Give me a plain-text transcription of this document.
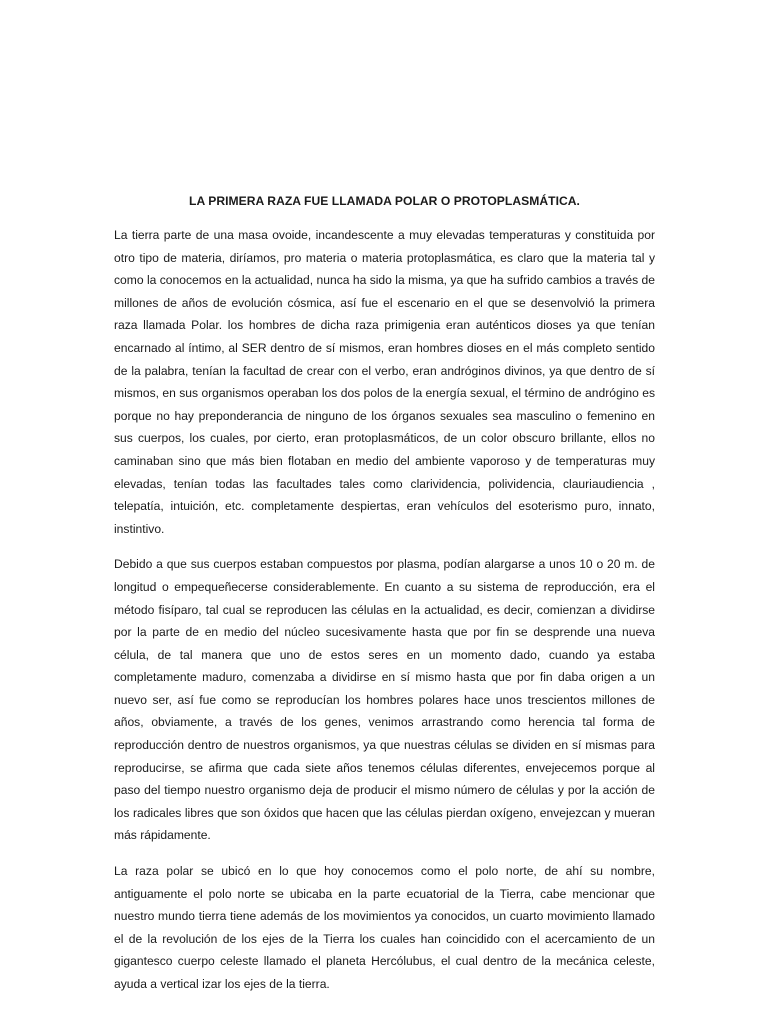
LA PRIMERA RAZA FUE LLAMADA POLAR O PROTOPLASMÁTICA.

La tierra parte de una masa ovoide, incandescente a muy elevadas temperaturas y constituida por otro tipo de materia, diríamos, pro materia o materia protoplasmática, es claro que la materia tal y como la conocemos en la actualidad, nunca ha sido la misma, ya que ha sufrido cambios a través de millones de años de evolución cósmica, así fue el escenario en el que se desenvolvió la primera raza llamada Polar. los hombres de dicha raza primigenia eran auténticos dioses ya que tenían encarnado al íntimo, al SER dentro de sí mismos, eran hombres dioses en el más completo sentido de la palabra, tenían la facultad de crear con el verbo, eran andróginos divinos, ya que dentro de sí mismos, en sus organismos operaban los dos polos de la energía sexual, el término de andrógino es porque no hay preponderancia de ninguno de los órganos sexuales sea masculino o femenino en sus cuerpos, los cuales, por cierto, eran protoplasmáticos, de un color obscuro brillante, ellos no caminaban sino que más bien flotaban en medio del ambiente vaporoso y de temperaturas muy elevadas, tenían todas las facultades tales como clarividencia, polividencia, clauriaudiencia , telepatía, intuición, etc. completamente despiertas, eran vehículos del esoterismo puro, innato, instintivo.

Debido a que sus cuerpos estaban compuestos por plasma, podían alargarse a unos 10 o 20 m. de longitud o empequeñecerse considerablemente. En cuanto a su sistema de reproducción, era el método fisíparo, tal cual se reproducen las células en la actualidad, es decir, comienzan a dividirse por la parte de en medio del núcleo sucesivamente hasta que por fin se desprende una nueva célula, de tal manera que uno de estos seres en un momento dado, cuando ya estaba completamente maduro, comenzaba a dividirse en sí mismo hasta que por fin daba origen a un nuevo ser, así fue como se reproducían los hombres polares hace unos trescientos millones de años, obviamente, a través de los genes, venimos arrastrando como herencia tal forma de reproducción dentro de nuestros organismos, ya que nuestras células se dividen en sí mismas para reproducirse, se afirma que cada siete años tenemos células diferentes, envejecemos porque al paso del tiempo nuestro organismo deja de producir el mismo número de células y por la acción de los radicales libres que son óxidos que hacen que las células pierdan oxígeno, envejezcan y mueran más rápidamente.

La raza polar se ubicó en lo que hoy conocemos como el polo norte, de ahí su nombre, antiguamente el polo norte se ubicaba en la parte ecuatorial de la Tierra, cabe mencionar que nuestro mundo tierra tiene además de los movimientos ya conocidos, un cuarto movimiento llamado el de la revolución de los ejes de la Tierra los cuales han coincidido con el acercamiento de un gigantesco cuerpo celeste llamado el planeta Hercólubus, el cual dentro de la mecánica celeste, ayuda a vertical izar los ejes de la tierra.
